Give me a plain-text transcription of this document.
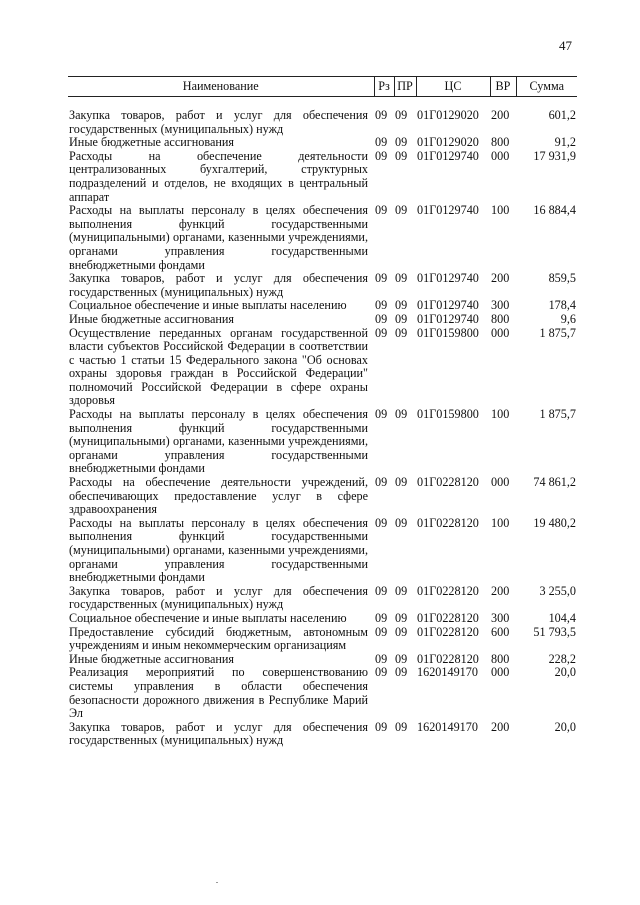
47
Наименование	Рз	ПР	ЦС	ВР	Сумма

Закупка товаров, работ и услуг для обеспечения государственных (муниципальных) нужд	09	09	01Г0129020	200	601,2
Иные бюджетные ассигнования	09	09	01Г0129020	800	91,2
Расходы на обеспечение деятельности централизованных бухгалтерий, структурных подразделений и отделов, не входящих в центральный аппарат	09	09	01Г0129740	000	17 931,9
Расходы на выплаты персоналу в целях обеспечения выполнения функций государственными (муниципальными) органами, казенными учреждениями, органами управления государственными внебюджетными фондами	09	09	01Г0129740	100	16 884,4
Закупка товаров, работ и услуг для обеспечения государственных (муниципальных) нужд	09	09	01Г0129740	200	859,5
Социальное обеспечение и иные выплаты населению	09	09	01Г0129740	300	178,4
Иные бюджетные ассигнования	09	09	01Г0129740	800	9,6
Осуществление переданных органам государственной власти субъектов Российской Федерации в соответствии с частью 1 статьи 15 Федерального закона "Об основах охраны здоровья граждан в Российской Федерации" полномочий Российской Федерации в сфере охраны здоровья	09	09	01Г0159800	000	1 875,7
Расходы на выплаты персоналу в целях обеспечения выполнения функций государственными (муниципальными) органами, казенными учреждениями, органами управления государственными внебюджетными фондами	09	09	01Г0159800	100	1 875,7
Расходы на обеспечение деятельности учреждений, обеспечивающих предоставление услуг в сфере здравоохранения	09	09	01Г0228120	000	74 861,2
Расходы на выплаты персоналу в целях обеспечения выполнения функций государственными (муниципальными) органами, казенными учреждениями, органами управления государственными внебюджетными фондами	09	09	01Г0228120	100	19 480,2
Закупка товаров, работ и услуг для обеспечения государственных (муниципальных) нужд	09	09	01Г0228120	200	3 255,0
Социальное обеспечение и иные выплаты населению	09	09	01Г0228120	300	104,4
Предоставление субсидий бюджетным, автономным учреждениям и иным некоммерческим организациям	09	09	01Г0228120	600	51 793,5
Иные бюджетные ассигнования	09	09	01Г0228120	800	228,2
Реализация мероприятий по совершенствованию системы управления в области обеспечения безопасности дорожного движения в Республике Марий Эл	09	09	1620149170	000	20,0
Закупка товаров, работ и услуг для обеспечения государственных (муниципальных) нужд	09	09	1620149170	200	20,0
